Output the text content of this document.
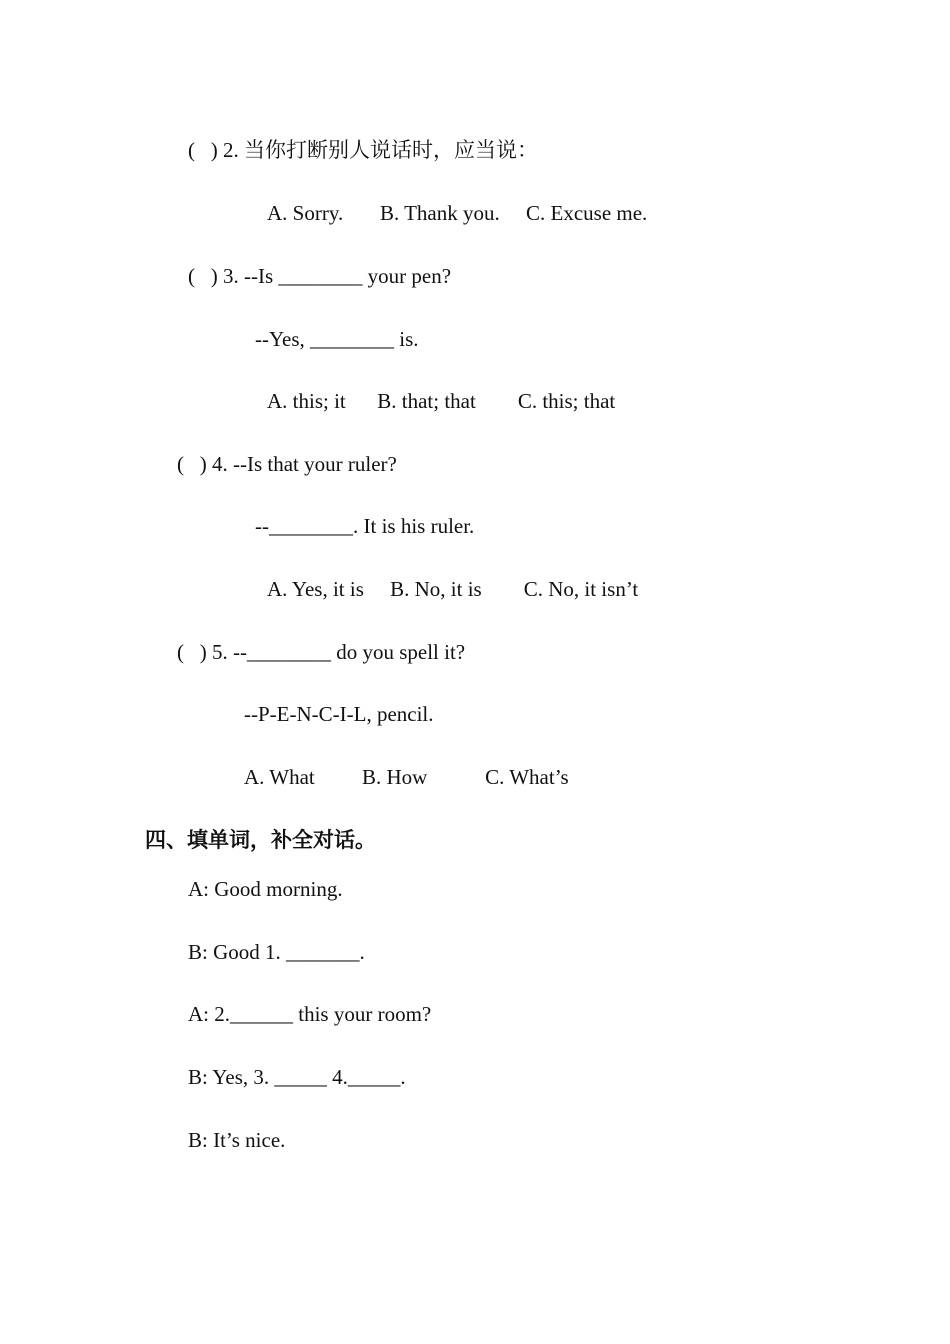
(   ) 2. 当你打断别人说话时，应当说：
A. Sorry.       B. Thank you.     C. Excuse me.
(   ) 3. --Is ________ your pen?
--Yes, ________ is.
A. this; it      B. that; that        C. this; that
(   ) 4. --Is that your ruler?
--________. It is his ruler.
A. Yes, it is     B. No, it is        C. No, it isn’t
(   ) 5. --________ do you spell it?
--P-E-N-C-I-L, pencil.
A. What         B. How           C. What’s
四、填单词，补全对话。
A: Good morning.
B: Good 1. _______.
A: 2.______ this your room?
B: Yes, 3. _____ 4._____.
B: It’s nice.
